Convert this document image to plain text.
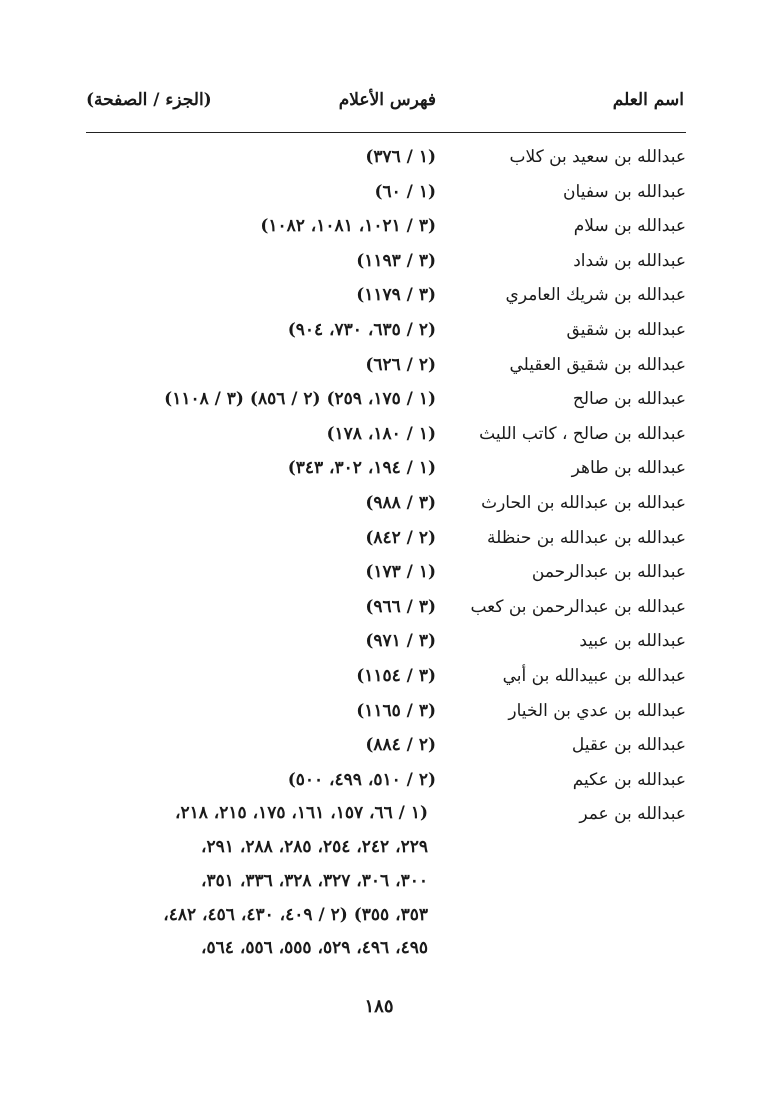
اسم العلم
فهرس الأعلام
(الجزء / الصفحة)
عبدالله بن سعيد بن كلاب
(١ / ٣٧٦)
عبدالله بن سفيان
(١ / ٦٠)
عبدالله بن سلام
(٣ / ١٠٢١، ١٠٨١، ١٠٨٢)
عبدالله بن شداد
(٣ / ١١٩٣)
عبدالله بن شريك العامري
(٣ / ١١٧٩)
عبدالله بن شقيق
(٢ / ٦٣٥، ٧٣٠، ٩٠٤)
عبدالله بن شقيق العقيلي
(٢ / ٦٢٦)
عبدالله بن صالح
(١ / ١٧٥، ٢٥٩) (٢ / ٨٥٦) (٣ / ١١٠٨)
عبدالله بن صالح ، كاتب الليث
(١ / ١٨٠، ١٧٨)
عبدالله بن طاهر
(١ / ١٩٤، ٣٠٢، ٣٤٣)
عبدالله بن عبدالله بن الحارث
(٣ / ٩٨٨)
عبدالله بن عبدالله بن حنظلة
(٢ / ٨٤٢)
عبدالله بن عبدالرحمن
(١ / ١٧٣)
عبدالله بن عبدالرحمن بن كعب
(٣ / ٩٦٦)
عبدالله بن عبيد
(٣ / ٩٧١)
عبدالله بن عبيدالله بن أبي
(٣ / ١١٥٤)
عبدالله بن عدي بن الخيار
(٣ / ١١٦٥)
عبدالله بن عقيل
(٢ / ٨٨٤)
عبدالله بن عكيم
(٢ / ٥١٠، ٤٩٩، ٥٠٠)
عبدالله بن عمر
(١ / ٦٦، ١٥٧، ١٦١، ١٧٥، ٢١٥، ٢١٨،
٢٢٩، ٢٤٢، ٢٥٤، ٢٨٥، ٢٨٨، ٢٩١،
٣٠٠، ٣٠٦، ٣٢٧، ٣٢٨، ٣٣٦، ٣٥١،
٣٥٣، ٣٥٥) (٢ / ٤٠٩، ٤٣٠، ٤٥٦، ٤٨٢،
٤٩٥، ٤٩٦، ٥٢٩، ٥٥٥، ٥٥٦، ٥٦٤،
١٨٥
